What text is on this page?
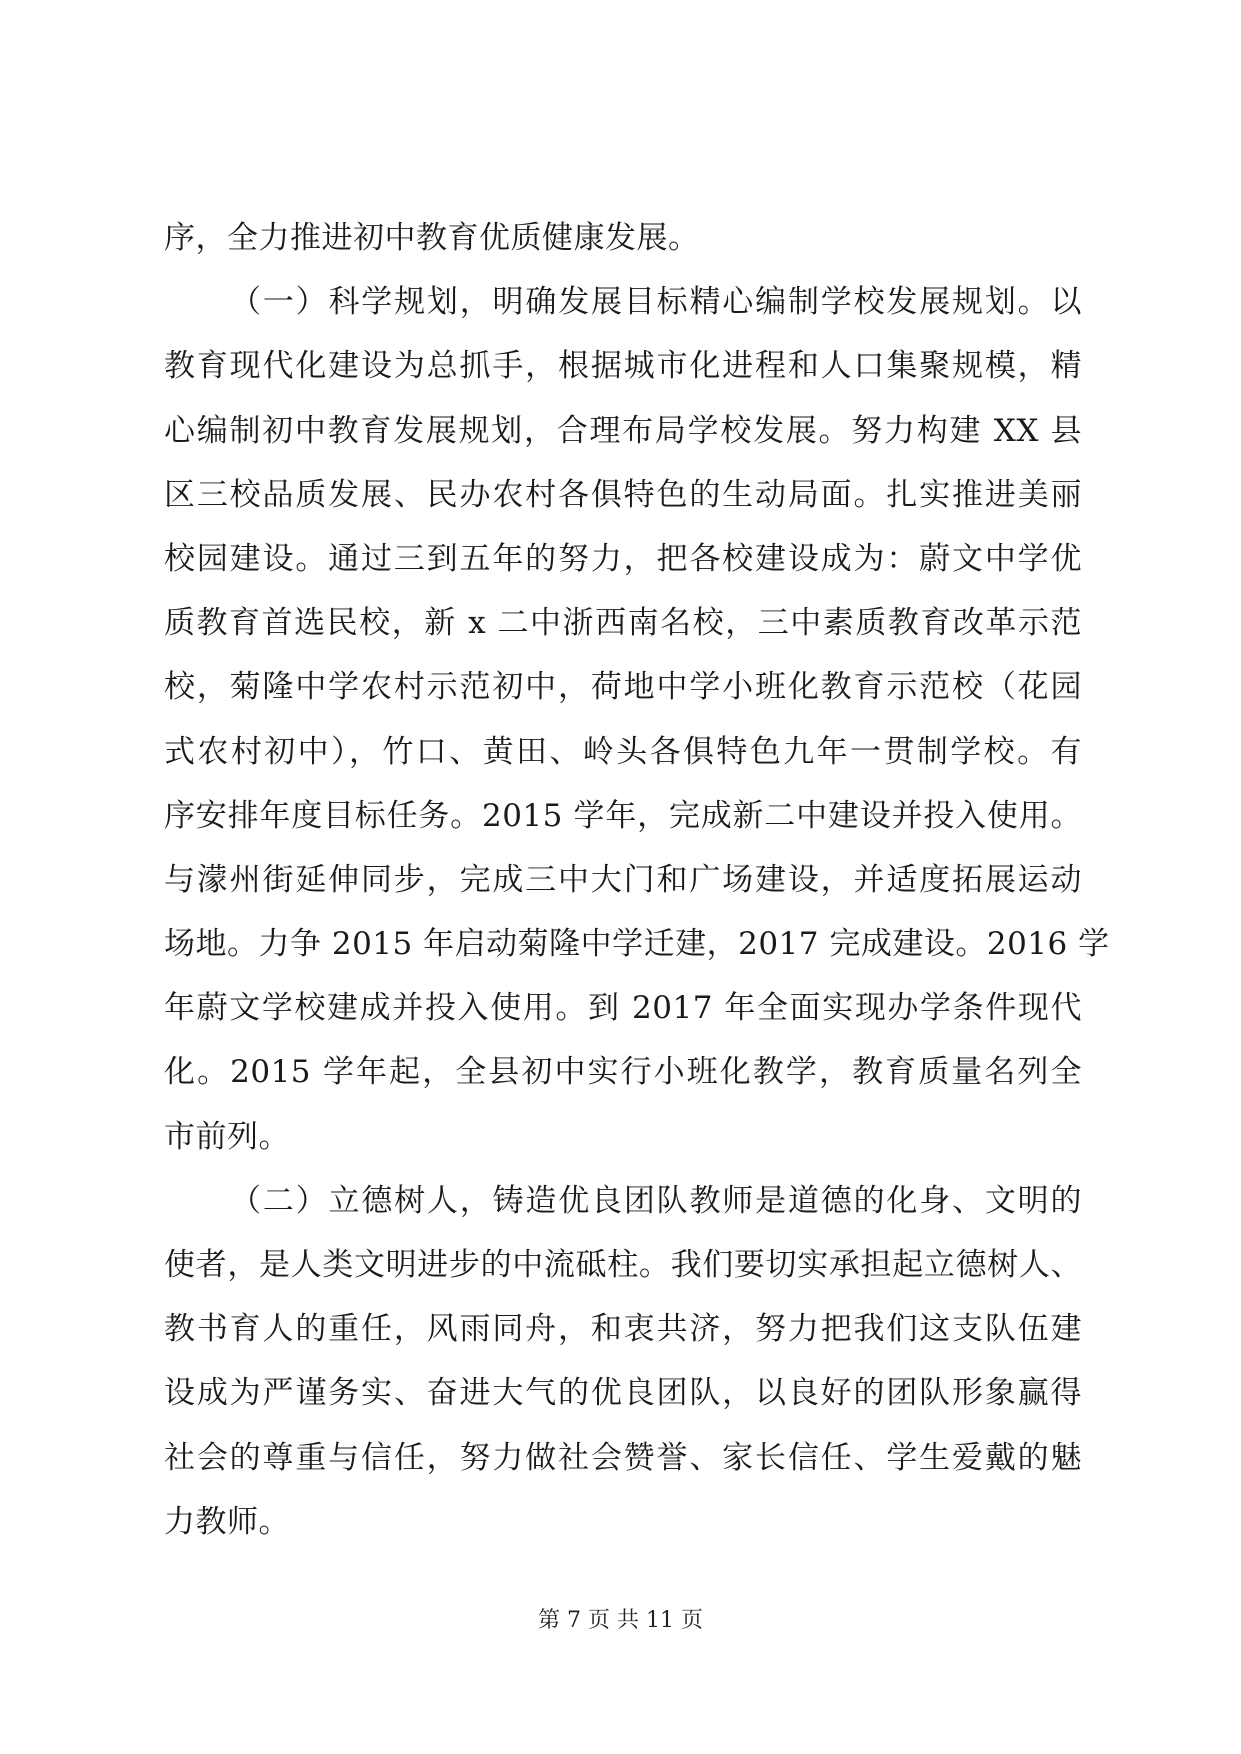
序，全力推进初中教育优质健康发展。
（一）科学规划，明确发展目标精心编制学校发展规划。以
教育现代化建设为总抓手，根据城市化进程和人口集聚规模，精
心编制初中教育发展规划，合理布局学校发展。努力构建 XX 县
区三校品质发展、民办农村各俱特色的生动局面。扎实推进美丽
校园建设。通过三到五年的努力，把各校建设成为：蔚文中学优
质教育首选民校，新 x 二中浙西南名校，三中素质教育改革示范
校，菊隆中学农村示范初中，荷地中学小班化教育示范校（花园
式农村初中），竹口、黄田、岭头各俱特色九年一贯制学校。有
序安排年度目标任务。2015 学年，完成新二中建设并投入使用。
与濛州街延伸同步，完成三中大门和广场建设，并适度拓展运动
场地。力争 2015 年启动菊隆中学迁建，2017 完成建设。2016 学
年蔚文学校建成并投入使用。到 2017 年全面实现办学条件现代
化。2015 学年起，全县初中实行小班化教学，教育质量名列全
市前列。
（二）立德树人，铸造优良团队教师是道德的化身、文明的
使者，是人类文明进步的中流砥柱。我们要切实承担起立德树人、
教书育人的重任，风雨同舟，和衷共济，努力把我们这支队伍建
设成为严谨务实、奋进大气的优良团队，以良好的团队形象赢得
社会的尊重与信任，努力做社会赞誉、家长信任、学生爱戴的魅
力教师。
第 7 页 共 11 页
